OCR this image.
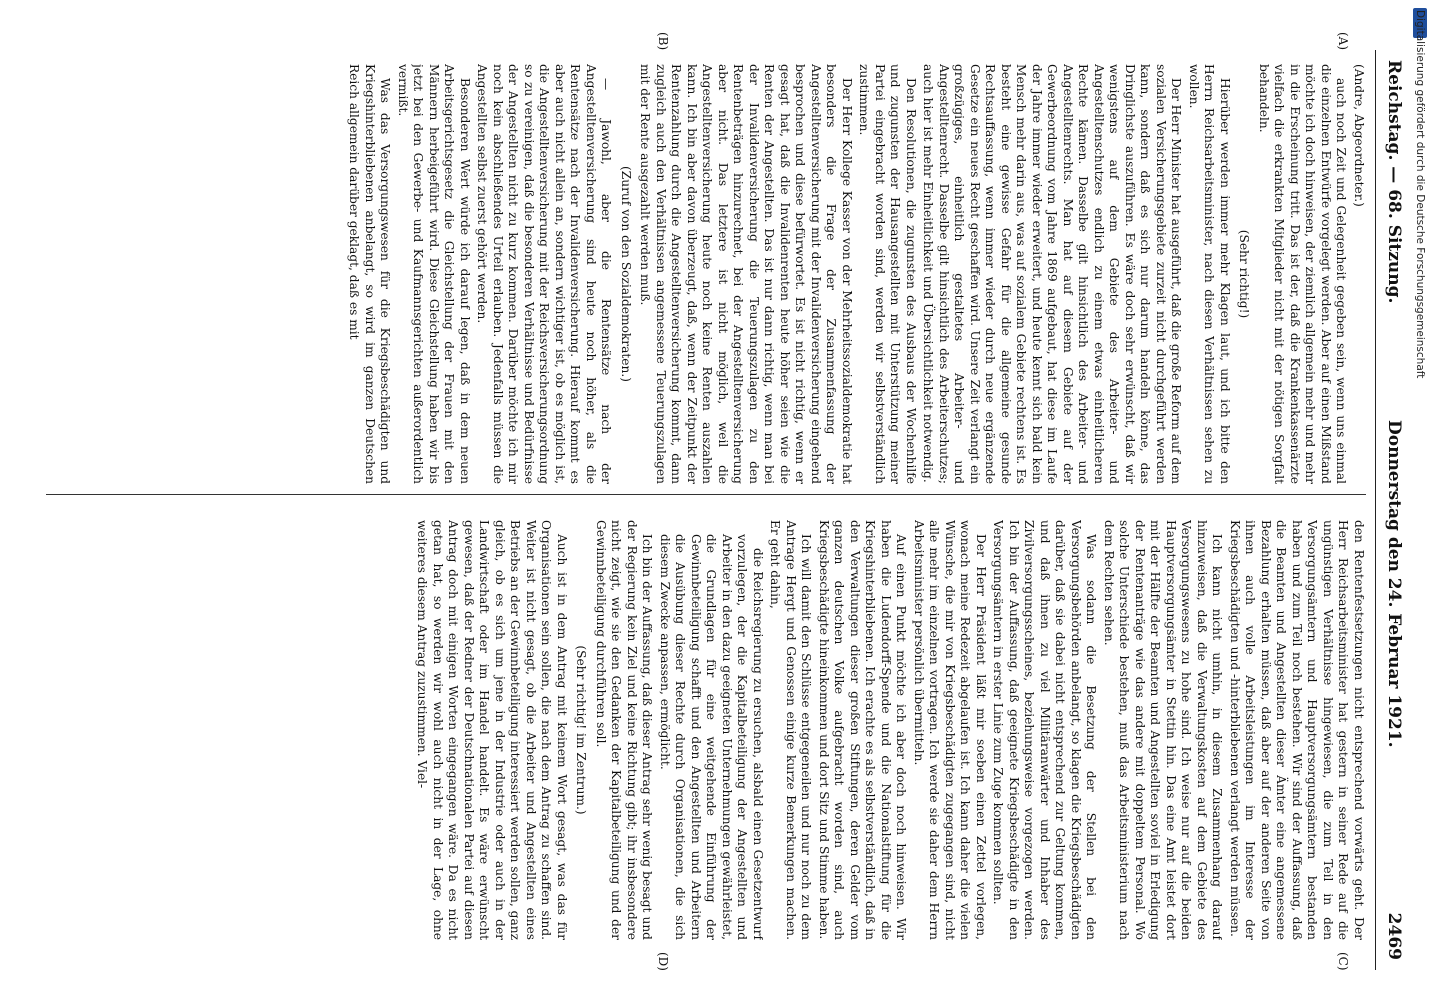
Reichstag. — 68. Sitzung.
Donnerstag den 24. Februar 1921.
2469
(A)
(B)
(C)
(D)

(Andre, Abgeordneter.)

auch noch Zeit und Gelegenheit gegeben sein, wenn uns einmal die einzelnen Entwürfe vorgelegt werden. Aber auf einen Mißstand möchte ich doch hinweisen, der ziemlich allgemein mehr und mehr in die Erscheinung tritt. Das ist der, daß die Krankenkassenärzte vielfach die erkrankten Mitglieder nicht mit der nötigen Sorgfalt behandeln.

(Sehr richtig!)

Hierüber werden immer mehr Klagen laut, und ich bitte den Herrn Reichsarbeitsminister, nach diesen Verhältnissen sehen zu wollen.

Der Herr Minister hat ausgeführt, daß die große Reform auf dem sozialen Versicherungsgebiete zurzeit nicht durchgeführt werden kann, sondern daß es sich nur darum handeln könne, das Dringlichste auszuführen. Es wäre doch sehr erwünscht, daß wir wenigstens auf dem Gebiete des Arbeiter- und Angestelltenschutzes endlich zu einem etwas einheitlicheren Rechte kämen. Dasselbe gilt hinsichtlich des Arbeiter- und Angestelltenrechts. Man hat auf diesem Gebiete auf der Gewerbeordnung vom Jahre 1869 aufgebaut, hat diese im Laufe der Jahre immer wieder erweitert, und heute kennt sich bald kein Mensch mehr darin aus, was auf sozialem Gebiete rechtens ist. Es besteht eine gewisse Gefahr für die allgemeine gesunde Rechtsauffassung, wenn immer wieder durch neue ergänzende Gesetze ein neues Recht geschaffen wird. Unsere Zeit verlangt ein großzügiges, einheitlich gestaltetes Arbeiter- und Angestelltenrecht. Dasselbe gilt hinsichtlich des Arbeiterschutzes; auch hier ist mehr Einheitlichkeit und Übersichtlichkeit notwendig.

Den Resolutionen, die zugunsten des Ausbaus der Wochenhilfe und zugunsten der Hausangestellten mit Unterstützung meiner Partei eingebracht worden sind, werden wir selbstverständlich zustimmen.

Der Herr Kollege Kasser von der Mehrheitssozialdemokratie hat besonders die Frage der Zusammenfassung der Angestelltenversicherung mit der Invalidenversicherung eingehend besprochen und diese befürwortet. Es ist nicht richtig, wenn er gesagt hat, daß die Invalidenrenten heute höher seien wie die Renten der Angestellten. Das ist nur dann richtig, wenn man bei der Invalidenversicherung die Teuerungszulagen zu den Rentenbeträgen hinzurechnet, bei der Angestelltenversicherung aber nicht. Das letztere ist nicht möglich, weil die Angestelltenversicherung heute noch keine Renten auszahlen kann. Ich bin aber davon überzeugt, daß, wenn der Zeitpunkt der Rentenzahlung durch die Angestelltenversicherung kommt, dann zugleich auch den Verhältnissen angemessene Teuerungszulagen mit der Rente ausgezahlt werden muß.

(Zuruf von den Sozialdemokraten.)

— Jawohl, aber die Rentensätze nach der Angestelltenversicherung sind heute noch höher, als die Rentensätze nach der Invalidenversicherung. Hierauf kommt es aber auch nicht allein an, sondern wichtiger ist, ob es möglich ist, die Angestelltenversicherung mit der Reichsversicherungsordnung so zu vereinigen, daß die besonderen Verhältnisse und Bedürfnisse der Angestellten nicht zu kurz kommen. Darüber möchte ich mir noch kein abschließendes Urteil erlauben. Jedenfalls müssen die Angestellten selbst zuerst gehört werden.

Besonderen Wert würde ich darauf legen, daß in dem neuen Arbeitsgerichtsgesetz die Gleichstellung der Frauen mit den Männern herbeigeführt wird. Diese Gleichstellung haben wir bis jetzt bei den Gewerbe- und Kaufmannsgerichten außerordentlich vermißt.

Was das Versorgungswesen für die Kriegsbeschädigten und Kriegshinterbliebenen anbelangt, so wird im ganzen Deutschen Reich allgemein darüber geklagt, daß es mit

den Rentenfestsetzungen nicht entsprechend vorwärts geht. Der Herr Reichsarbeitsminister hat gestern in seiner Rede auf die ungünstigen Verhältnisse hingewiesen, die zum Teil in den Versorgungsämtern und Hauptversorgungsämtern bestanden haben und zum Teil noch bestehen. Wir sind der Auffassung, daß die Beamten und Angestellten dieser Ämter eine angemessene Bezahlung erhalten müssen, daß aber auf der anderen Seite von ihnen auch volle Arbeitsleistungen im Interesse der Kriegsbeschädigten und -hinterbliebenen verlangt werden müssen.

Ich kann nicht umhin, in diesem Zusammenhang darauf hinzuweisen, daß die Verwaltungskosten auf dem Gebiete des Versorgungswesens zu hohe sind. Ich weise nur auf die beiden Hauptversorgungsämter in Stettin hin. Das eine Amt leistet dort mit der Hälfte der Beamten und Angestellten soviel in Erledigung der Rentenanträge wie das andere mit doppeltem Personal. Wo solche Unterschiede bestehen, muß das Arbeitsministerium nach dem Rechten sehen.

Was sodann die Besetzung der Stellen bei den Versorgungsbehörden anbelangt, so klagen die Kriegsbeschädigten darüber, daß sie dabei nicht entsprechend zur Geltung kommen, und daß ihnen zu viel Militäranwärter und Inhaber des Zivilversorgungsscheines, beziehungsweise vorgezogen werden. Ich bin der Auffassung, daß geeignete Kriegsbeschädigte in den Versorgungsämtern in erster Linie zum Zuge kommen sollten.

Der Herr Präsident läßt mir soeben einen Zettel vorlegen, wonach meine Redezeit abgelaufen ist. Ich kann daher die vielen Wünsche, die mir von Kriegsbeschädigten zugegangen sind, nicht alle mehr im einzelnen vortragen. Ich werde sie daher dem Herrn Arbeitsminister persönlich übermitteln.

Auf einen Punkt möchte ich aber doch noch hinweisen. Wir haben die Ludendorff-Spende und die Nationalstiftung für die Kriegshinterbliebenen. Ich erachte es als selbstverständlich, daß in den Verwaltungen dieser großen Stiftungen, deren Gelder vom ganzen deutschen Volke aufgebracht worden sind, auch Kriegsbeschädigte hineinkommen und dort Sitz und Stimme haben.

Ich will damit den Schlüsse entgegeneilen und nur noch zu dem Antrage Hergt und Genossen einige kurze Bemerkungen machen. Er geht dahin,

die Reichsregierung zu ersuchen, alsbald einen Gesetzentwurf vorzulegen, der die Kapitalbeteiligung der Angestellten und Arbeiter in den dazu geeigneten Unternehmungen gewährleistet, die Grundlagen für eine weitgehende Einführung der Gewinnbeteiligung schafft und den Angestellten und Arbeitern die Ausübung dieser Rechte durch Organisationen, die sich diesem Zwecke anpassen, ermöglicht.

Ich bin der Auffassung, daß dieser Antrag sehr wenig besagt und der Regierung kein Ziel und keine Richtung gibt; ihr insbesondere nicht zeigt, wie sie den Gedanken der Kapitalbeteiligung und der Gewinnbeteiligung durchführen soll.

(Sehr richtig! im Zentrum.)

Auch ist in dem Antrag mit keinem Wort gesagt, was das für Organisationen sein sollen, die nach dem Antrag zu schaffen sind. Weiter ist nicht gesagt, ob die Arbeiter und Angestellten eines Betriebs an der Gewinnbeteiligung interessiert werden sollen, ganz gleich, ob es sich um jene in der Industrie oder auch in der Landwirtschaft oder im Handel handelt. Es wäre erwünscht gewesen, daß der Redner der Deutschnationalen Partei auf diesen Antrag doch mit einigen Worten eingegangen wäre. Da es nicht getan hat, so werden wir wohl auch nicht in der Lage, ohne weiteres diesem Antrag zuzustimmen. Viel-

Digitalisierung gefördert durch die Deutsche Forschungsgemeinschaft
